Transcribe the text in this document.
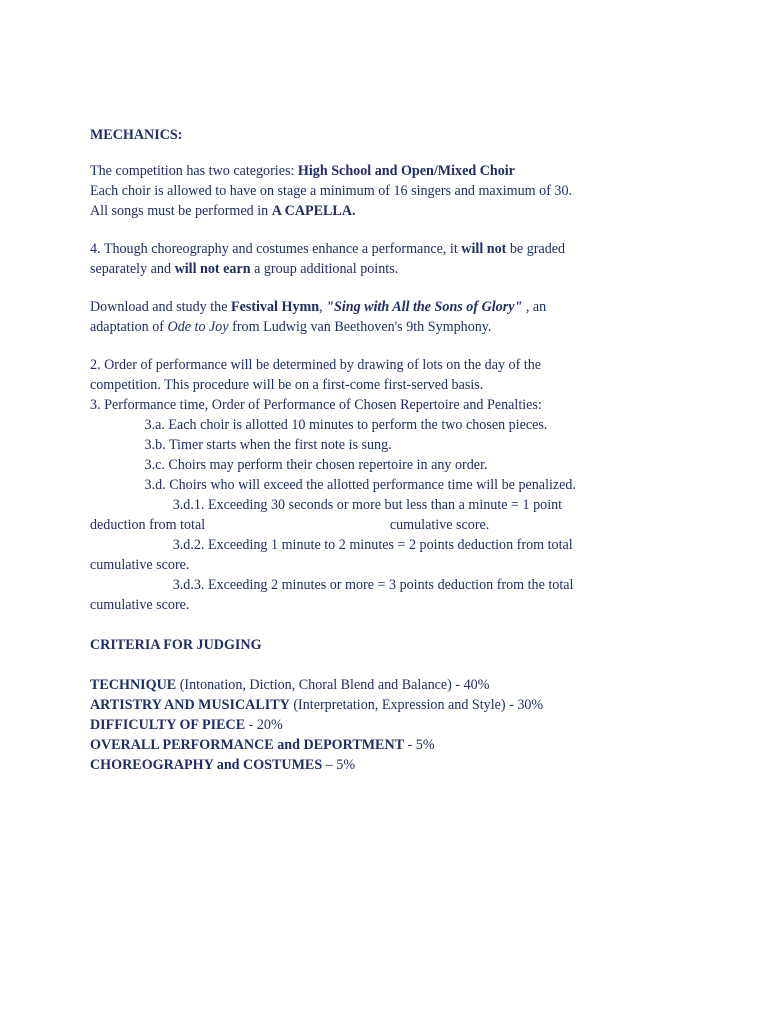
MECHANICS:

The competition has two categories: High School and Open/Mixed Choir

Each choir is allowed to have on stage a minimum of 16 singers and maximum of 30.

All songs must be performed in A CAPELLA.

4. Though choreography and costumes enhance a performance, it will not be graded

separately and will not earn a group additional points.

Download and study the Festival Hymn, "Sing with All the Sons of Glory" , an

adaptation of Ode to Joy from Ludwig van Beethoven's 9th Symphony.

2. Order of performance will be determined by drawing of lots on the day of the

competition. This procedure will be on a first-come first-served basis.

3. Performance time, Order of Performance of Chosen Repertoire and Penalties:

3.a. Each choir is allotted 10 minutes to perform the two chosen pieces.

3.b. Timer starts when the first note is sung.

3.c. Choirs may perform their chosen repertoire in any order.

3.d. Choirs who will exceed the allotted performance time will be penalized.

3.d.1. Exceeding 30 seconds or more but less than a minute = 1 point

deduction from total	cumulative score.

3.d.2. Exceeding 1 minute to 2 minutes = 2 points deduction from total

cumulative score.

3.d.3. Exceeding 2 minutes or more = 3 points deduction from the total

cumulative score.

CRITERIA FOR JUDGING

TECHNIQUE (Intonation, Diction, Choral Blend and Balance) - 40%

ARTISTRY AND MUSICALITY (Interpretation, Expression and Style) - 30%

DIFFICULTY OF PIECE - 20%

OVERALL PERFORMANCE and DEPORTMENT - 5%

CHOREOGRAPHY and COSTUMES – 5%
